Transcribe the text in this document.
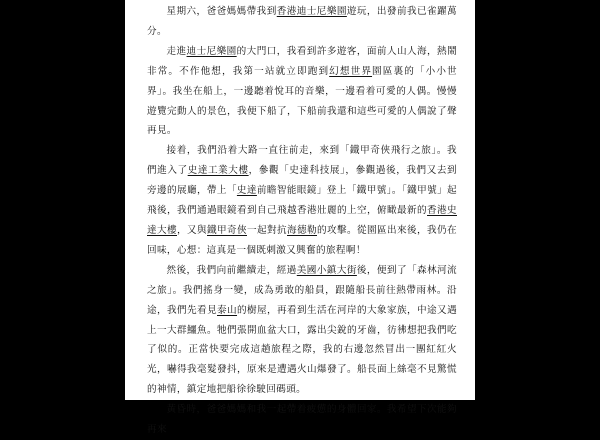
星期六，爸爸媽媽帶我到香港迪士尼樂園遊玩，出發前我已雀躍萬分。

走進迪士尼樂園的大門口，我看到許多遊客，面前人山人海，熱鬧非常。不作他想，我第一站就立即跑到幻想世界園區裏的「小小世界」。我坐在船上，一邊聽着悅耳的音樂，一邊看着可愛的人偶。慢慢遊覽完動人的景色，我便下船了，下船前我還和這些可愛的人偶說了聲再見。

接着，我們沿着大路一直往前走，來到「鐵甲奇俠飛行之旅」。我們進入了史達工業大樓，參觀「史達科技展」，參觀過後，我們又去到旁邊的展廳，帶上「史達前瞻智能眼鏡」登上「鐵甲號」。「鐵甲號」起飛後，我們通過眼鏡看到自己飛越香港壯麗的上空，俯瞰最新的香港史達大樓，又與鐵甲奇俠一起對抗海德勒的攻擊。從園區出來後，我仍在回味，心想：這真是一個既刺激又興奮的旅程啊！

然後，我們向前繼續走，經過美國小鎮大街後，便到了「森林河流之旅」。我們搖身一變，成為勇敢的船員，跟隨船長前往熱帶雨林。沿途，我們先看見泰山的樹屋，再看到生活在河岸的大象家族，中途又遇上一大群鱷魚。牠們張開血盆大口，露出尖銳的牙齒，彷彿想把我們吃了似的。正當快要完成這趟旅程之際，我的右邊忽然冒出一團紅紅火光，嚇得我毫髮發抖，原來是遭遇火山爆發了。船長面上絲毫不見驚慌的神情，鎮定地把船徐徐駛回碼頭。

黃昏時，爸爸媽媽和我一起帶着疲憊的身體回家。我希望下次能夠再來
